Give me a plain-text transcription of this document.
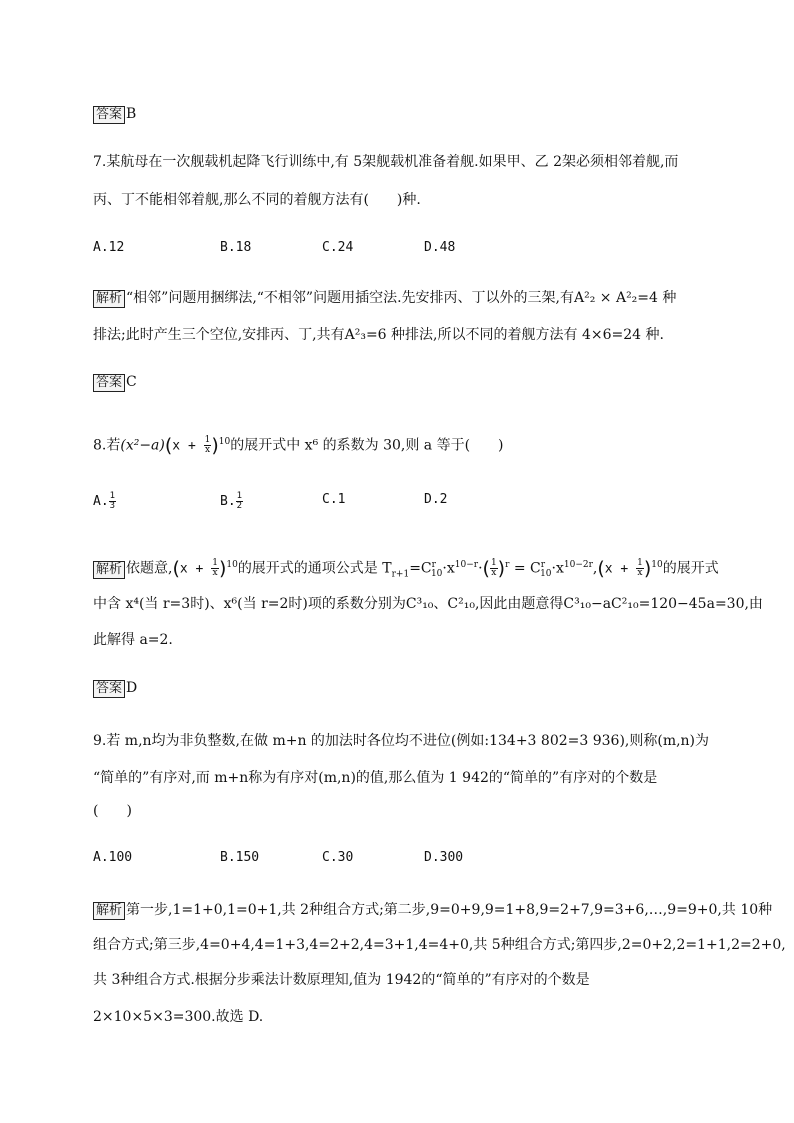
答案 B
7.某航母在一次舰载机起降飞行训练中,有 5架舰载机准备着舰.如果甲、乙 2架必须相邻着舰,而
丙、丁不能相邻着舰,那么不同的着舰方法有(　　)种.
A.12	B.18	C.24	D.48
解析 “相邻”问题用捆绑法,“不相邻”问题用插空法.先安排丙、丁以外的三架,有A²₂ × A²₂=4 种
排法;此时产生三个空位,安排丙、丁,共有A²₃=6 种排法,所以不同的着舰方法有 4×6=24 种.
答案 C
8.若$(x^2-a)(x + \frac{1}{x} )^{10}$的展开式中 x⁶ 的系数为 30,则 a 等于(　　)
A. $\frac{1}{3}$	B. $\frac{1}{2}$	C.1	D.2
解析 依题意$,(x + \frac{1}{x} )^{10}$的展开式的通项公式是 $T_{r+1}=C^r_{10}\cdot x^{10-r}\cdot( \frac{1}{x} )^r = C^r_{10}\cdot x^{10-2r},(x + \frac{1}{x} )^{10}$的展开式
中含 x⁴(当 r=3时)、x⁶(当 r=2时)项的系数分别为C³₁₀、C²₁₀,因此由题意得C³₁₀−aC²₁₀=120−45a=30,由
此解得 a=2.
答案 D
9.若 m,n均为非负整数,在做 m+n 的加法时各位均不进位(例如:134+3 802=3 936),则称(m,n)为
“简单的”有序对,而 m+n称为有序对(m,n)的值,那么值为 1 942的“简单的”有序对的个数是
(　　)
A.100	B.150	C.30	D.300
解析 第一步,1=1+0,1=0+1,共 2种组合方式;第二步,9=0+9,9=1+8,9=2+7,9=3+6,…,9=9+0,共 10种
组合方式;第三步,4=0+4,4=1+3,4=2+2,4=3+1,4=4+0,共 5种组合方式;第四步,2=0+2,2=1+1,2=2+0,
共 3种组合方式.根据分步乘法计数原理知,值为 1942的“简单的”有序对的个数是
2×10×5×3=300.故选 D.
